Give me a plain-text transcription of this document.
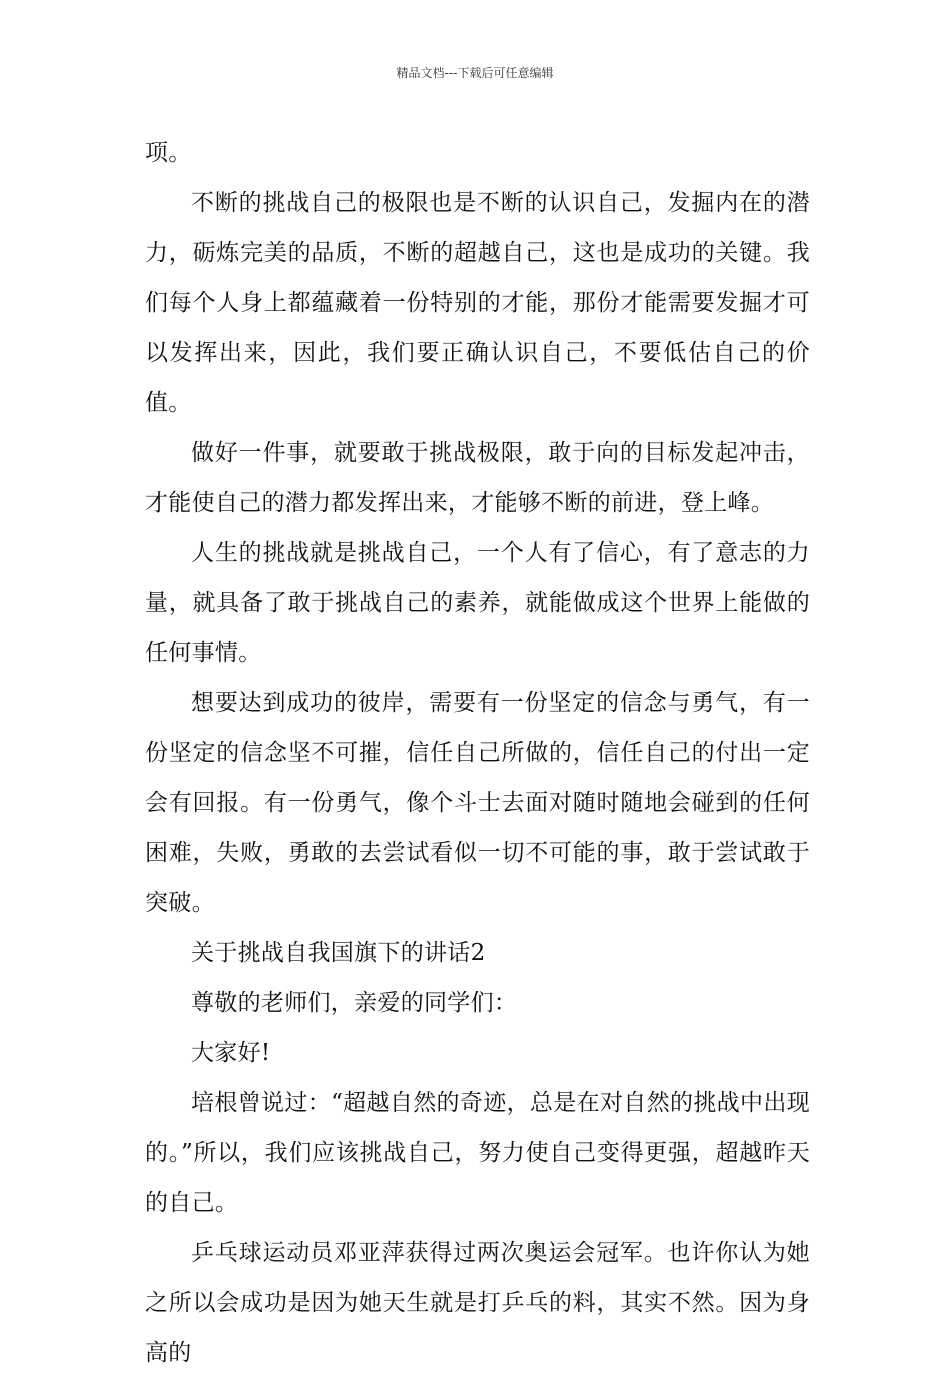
精品文档---下载后可任意编辑

项。

不断的挑战自己的极限也是不断的认识自己，发掘内在的潜力，砺炼完美的品质，不断的超越自己，这也是成功的关键。我们每个人身上都蕴藏着一份特别的才能，那份才能需要发掘才可以发挥出来，因此，我们要正确认识自己，不要低估自己的价值。

做好一件事，就要敢于挑战极限，敢于向的目标发起冲击，才能使自己的潜力都发挥出来，才能够不断的前进，登上峰。

人生的挑战就是挑战自己，一个人有了信心，有了意志的力量，就具备了敢于挑战自己的素养，就能做成这个世界上能做的任何事情。

想要达到成功的彼岸，需要有一份坚定的信念与勇气，有一份坚定的信念坚不可摧，信任自己所做的，信任自己的付出一定会有回报。有一份勇气，像个斗士去面对随时随地会碰到的任何困难，失败，勇敢的去尝试看似一切不可能的事，敢于尝试敢于突破。

关于挑战自我国旗下的讲话2

尊敬的老师们，亲爱的同学们：

大家好!

培根曾说过：“超越自然的奇迹，总是在对自然的挑战中出现的。”所以，我们应该挑战自己，努力使自己变得更强，超越昨天的自己。

乒乓球运动员邓亚萍获得过两次奥运会冠军。也许你认为她之所以会成功是因为她天生就是打乒乓的料，其实不然。因为身高的
